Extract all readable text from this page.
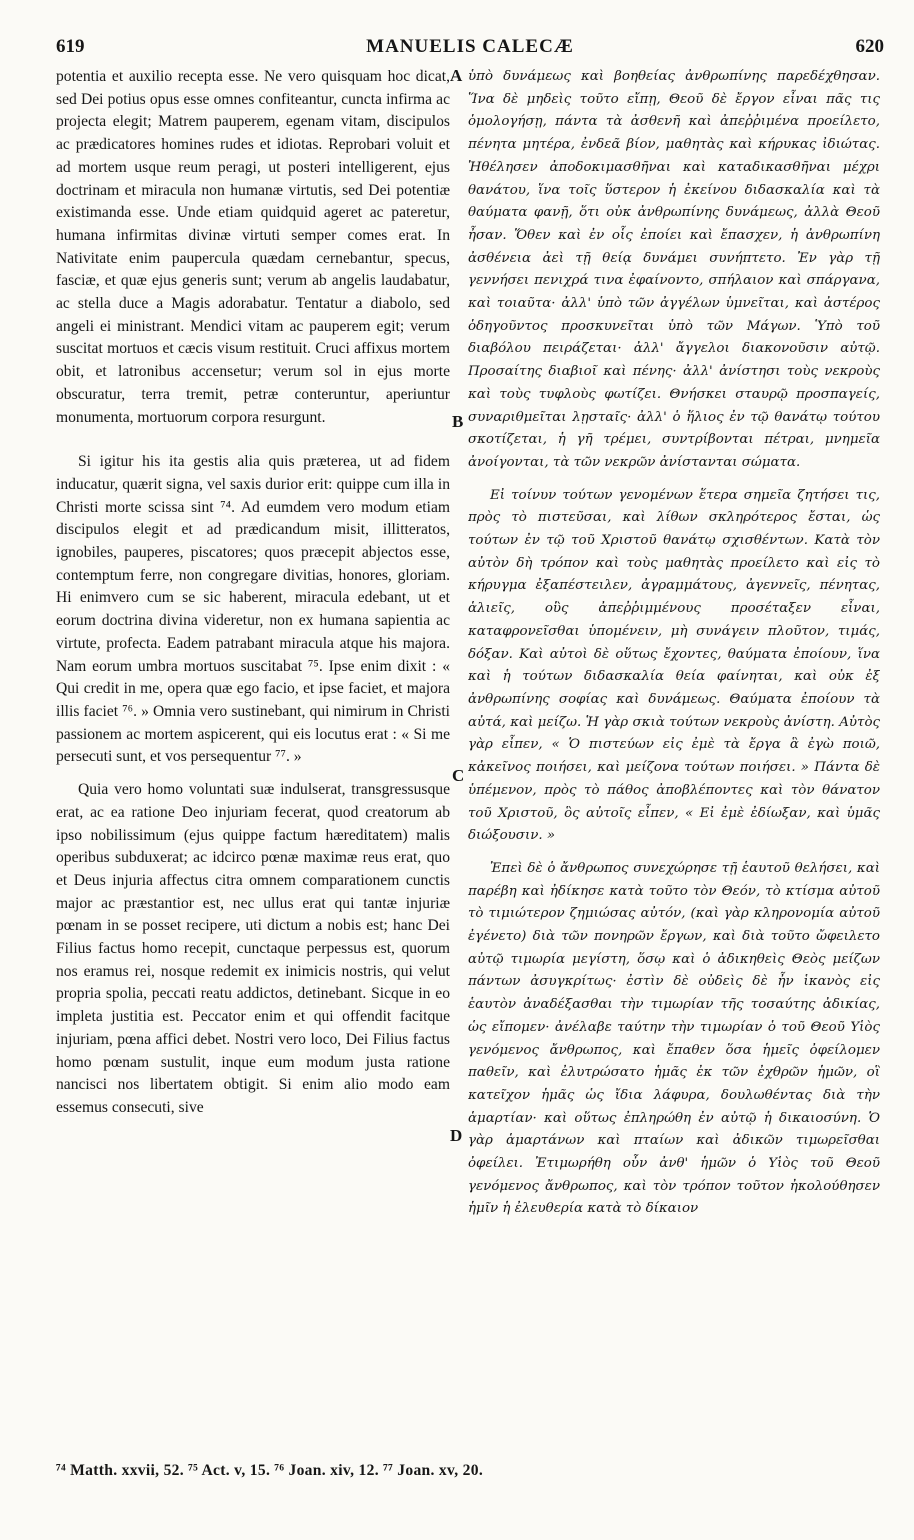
619	MANUELIS CALECÆ	620

potentia et auxilio recepta esse. Ne vero quisquam hoc dicat, sed Dei potius opus esse omnes confiteantur, cuncta infirma ac projecta elegit; Matrem pauperem, egenam vitam, discipulos ac prædicatores homines rudes et idiotas. Reprobari voluit et ad mortem usque reum peragi, ut posteri intelligerent, ejus doctrinam et miracula non humanæ virtutis, sed Dei potentiæ existimanda esse. Unde etiam quidquid ageret ac pateretur, humana infirmitas divinæ virtuti semper comes erat. In Nativitate enim paupercula quædam cernebantur, specus, fasciæ, et quæ ejus generis sunt; verum ab angelis laudabatur, ac stella duce a Magis adorabatur. Tentatur a diabolo, sed angeli ei ministrant. Mendici vitam ac pauperem egit; verum suscitat mortuos et cæcis visum restituit. Cruci affixus mortem obit, et latronibus accensetur; verum sol in ejus morte obscuratur, terra tremit, petræ conteruntur, aperiuntur monumenta, mortuorum corpora resurgunt.

Si igitur his ita gestis alia quis præterea, ut ad fidem inducatur, quærit signa, vel saxis durior erit: quippe cum illa in Christi morte scissa sint ⁷⁴. Ad eumdem vero modum etiam discipulos elegit et ad prædicandum misit, illitteratos, ignobiles, pauperes, piscatores; quos præcepit abjectos esse, contemptum ferre, non congregare divitias, honores, gloriam. Hi enimvero cum se sic haberent, miracula edebant, ut et eorum doctrina divina videretur, non ex humana sapientia ac virtute, profecta. Eadem patrabant miracula atque his majora. Nam eorum umbra mortuos suscitabat ⁷⁵. Ipse enim dixit : « Qui credit in me, opera quæ ego facio, et ipse faciet, et majora illis faciet ⁷⁶. » Omnia vero sustinebant, qui nimirum in Christi passionem ac mortem aspicerent, qui eis locutus erat : « Si me persecuti sunt, et vos persequentur ⁷⁷. »

Quia vero homo voluntati suæ indulserat, transgressusque erat, ac ea ratione Deo injuriam fecerat, quod creatorum ab ipso nobilissimum (ejus quippe factum hæreditatem) malis operibus subduxerat; ac idcirco pœnæ maximæ reus erat, quo et Deus injuria affectus citra omnem comparationem cunctis major ac præstantior est, nec ullus erat qui tantæ injuriæ pœnam in se posset recipere, uti dictum a nobis est; hanc Dei Filius factus homo recepit, cunctaque perpessus est, quorum nos eramus rei, nosque redemit ex inimicis nostris, qui velut propria spolia, peccati reatu addictos, detinebant. Sicque in eo impleta justitia est. Peccator enim et qui offendit facitque injuriam, pœna affici debet. Nostri vero loco, Dei Filius factus homo pœnam sustulit, inque eum modum justa ratione nancisci nos libertatem obtigit. Si enim alio modo eam essemus consecuti, sive

A
B
C
D

ὑπὸ δυνάμεως καὶ βοηθείας ἀνθρωπίνης παρεδέχθησαν. Ἵνα δὲ μηδεὶς τοῦτο εἴπῃ, Θεοῦ δὲ ἔργον εἶναι πᾶς τις ὁμολογήσῃ, πάντα τὰ ἀσθενῆ καὶ ἀπεῤῥιμένα προείλετο, πένητα μητέρα, ἐνδεᾶ βίον, μαθητὰς καὶ κήρυκας ἰδιώτας. Ἠθέλησεν ἀποδοκιμασθῆναι καὶ καταδικασθῆναι μέχρι θανάτου, ἵνα τοῖς ὕστερον ἡ ἐκείνου διδασκαλία καὶ τὰ θαύματα φανῇ, ὅτι οὐκ ἀνθρωπίνης δυνάμεως, ἀλλὰ Θεοῦ ἦσαν. Ὅθεν καὶ ἐν οἷς ἐποίει καὶ ἔπασχεν, ἡ ἀνθρωπίνη ἀσθένεια ἀεὶ τῇ θείᾳ δυνάμει συνήπτετο. Ἐν γὰρ τῇ γεννήσει πενιχρά τινα ἐφαίνοντο, σπήλαιον καὶ σπάργανα, καὶ τοιαῦτα· ἀλλ' ὑπὸ τῶν ἀγγέλων ὑμνεῖται, καὶ ἀστέρος ὁδηγοῦντος προσκυνεῖται ὑπὸ τῶν Μάγων. Ὑπὸ τοῦ διαβόλου πειράζεται· ἀλλ' ἄγγελοι διακονοῦσιν αὐτῷ. Προσαίτης διαβιοῖ καὶ πένης· ἀλλ' ἀνίστησι τοὺς νεκροὺς καὶ τοὺς τυφλοὺς φωτίζει. Θνήσκει σταυρῷ προσπαγείς, συναριθμεῖται λῃσταῖς· ἀλλ' ὁ ἥλιος ἐν τῷ θανάτῳ τούτου σκοτίζεται, ἡ γῆ τρέμει, συντρίβονται πέτραι, μνημεῖα ἀνοίγονται, τὰ τῶν νεκρῶν ἀνίστανται σώματα.

Εἰ τοίνυν τούτων γενομένων ἕτερα σημεῖα ζητήσει τις, πρὸς τὸ πιστεῦσαι, καὶ λίθων σκληρότερος ἔσται, ὡς τούτων ἐν τῷ τοῦ Χριστοῦ θανάτῳ σχισθέντων. Κατὰ τὸν αὐτὸν δὴ τρόπον καὶ τοὺς μαθητὰς προείλετο καὶ εἰς τὸ κήρυγμα ἐξαπέστειλεν, ἀγραμμάτους, ἀγεννεῖς, πένητας, ἁλιεῖς, οὓς ἀπεῤῥιμμένους προσέταξεν εἶναι, καταφρονεῖσθαι ὑπομένειν, μὴ συνάγειν πλοῦτον, τιμάς, δόξαν. Καὶ αὐτοὶ δὲ οὕτως ἔχοντες, θαύματα ἐποίουν, ἵνα καὶ ἡ τούτων διδασκαλία θεία φαίνηται, καὶ οὐκ ἐξ ἀνθρωπίνης σοφίας καὶ δυνάμεως. Θαύματα ἐποίουν τὰ αὐτά, καὶ μείζω. Ἡ γὰρ σκιὰ τούτων νεκροὺς ἀνίστη. Αὐτὸς γὰρ εἶπεν, « Ὁ πιστεύων εἰς ἐμὲ τὰ ἔργα ἃ ἐγὼ ποιῶ, κἀκεῖνος ποιήσει, καὶ μείζονα τούτων ποιήσει. » Πάντα δὲ ὑπέμενον, πρὸς τὸ πάθος ἀποβλέποντες καὶ τὸν θάνατον τοῦ Χριστοῦ, ὃς αὐτοῖς εἶπεν, « Εἰ ἐμὲ ἐδίωξαν, καὶ ὑμᾶς διώξουσιν. »

Ἐπεὶ δὲ ὁ ἄνθρωπος συνεχώρησε τῇ ἑαυτοῦ θελήσει, καὶ παρέβη καὶ ἠδίκησε κατὰ τοῦτο τὸν Θεόν, τὸ κτίσμα αὐτοῦ τὸ τιμιώτερον ζημιώσας αὐτόν, (καὶ γὰρ κληρονομία αὐτοῦ ἐγένετο) διὰ τῶν πονηρῶν ἔργων, καὶ διὰ τοῦτο ὤφειλετο αὐτῷ τιμωρία μεγίστη, ὅσῳ καὶ ὁ ἀδικηθεὶς Θεὸς μείζων πάντων ἀσυγκρίτως· ἐστὶν δὲ οὐδεὶς δὲ ἦν ἱκανὸς εἰς ἑαυτὸν ἀναδέξασθαι τὴν τιμωρίαν τῆς τοσαύτης ἀδικίας, ὡς εἴπομεν· ἀνέλαβε ταύτην τὴν τιμωρίαν ὁ τοῦ Θεοῦ Υἱὸς γενόμενος ἄνθρωπος, καὶ ἔπαθεν ὅσα ἡμεῖς ὀφείλομεν παθεῖν, καὶ ἐλυτρώσατο ἡμᾶς ἐκ τῶν ἐχθρῶν ἡμῶν, οἳ κατεῖχον ἡμᾶς ὡς ἴδια λάφυρα, δουλωθέντας διὰ τὴν ἁμαρτίαν· καὶ οὕτως ἐπληρώθη ἐν αὐτῷ ἡ δικαιοσύνη. Ὁ γὰρ ἁμαρτάνων καὶ πταίων καὶ ἀδικῶν τιμωρεῖσθαι ὀφείλει. Ἐτιμωρήθη οὖν ἀνθ' ἡμῶν ὁ Υἱὸς τοῦ Θεοῦ γενόμενος ἄνθρωπος, καὶ τὸν τρόπον τοῦτον ἠκολούθησεν ἡμῖν ἡ ἐλευθερία κατὰ τὸ δίκαιον

⁷⁴ Matth. xxvii, 52. ⁷⁵ Act. v, 15. ⁷⁶ Joan. xiv, 12. ⁷⁷ Joan. xv, 20.
